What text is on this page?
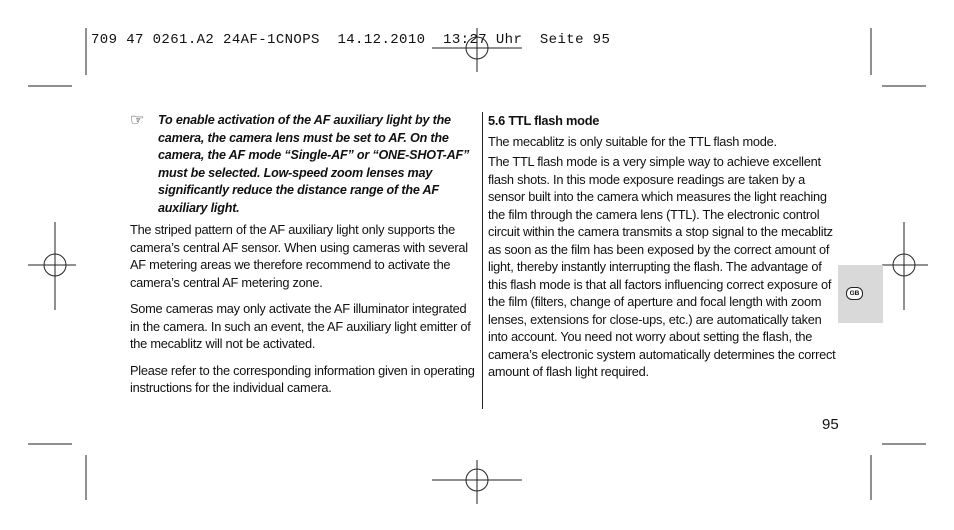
709 47 0261.A2 24AF-1CNOPS  14.12.2010  13:27 Uhr  Seite 95
☞ To enable activation of the AF auxiliary light by the camera, the camera lens must be set to AF. On the camera, the AF mode “Single-AF” or “ONE-SHOT-AF” must be selected. Low-speed zoom lenses may significantly reduce the distance range of the AF auxiliary light.

The striped pattern of the AF auxiliary light only supports the camera’s central AF sensor. When using cameras with several AF metering areas we therefore recommend to activate the camera’s central AF metering zone.

Some cameras may only activate the AF illuminator integrated in the camera. In such an event, the AF auxiliary light emitter of the mecablitz will not be activated.

Please refer to the corresponding information given in operating instructions for the individual camera.

5.6 TTL flash mode

The mecablitz is only suitable for the TTL flash mode.

The TTL flash mode is a very simple way to achieve excellent flash shots. In this mode exposure readings are taken by a sensor built into the camera which measures the light reaching the film through the camera lens (TTL). The electronic control circuit within the camera transmits a stop signal to the mecablitz as soon as the film has been exposed by the correct amount of light, thereby instantly interrupting the flash. The advantage of this flash mode is that all factors influencing correct exposure of the film (filters, change of aperture and focal length with zoom lenses, extensions for close-ups, etc.) are automatically taken into account. You need not worry about setting the flash, the camera’s electronic system automatically determines the correct amount of flash light required.

GB
95
